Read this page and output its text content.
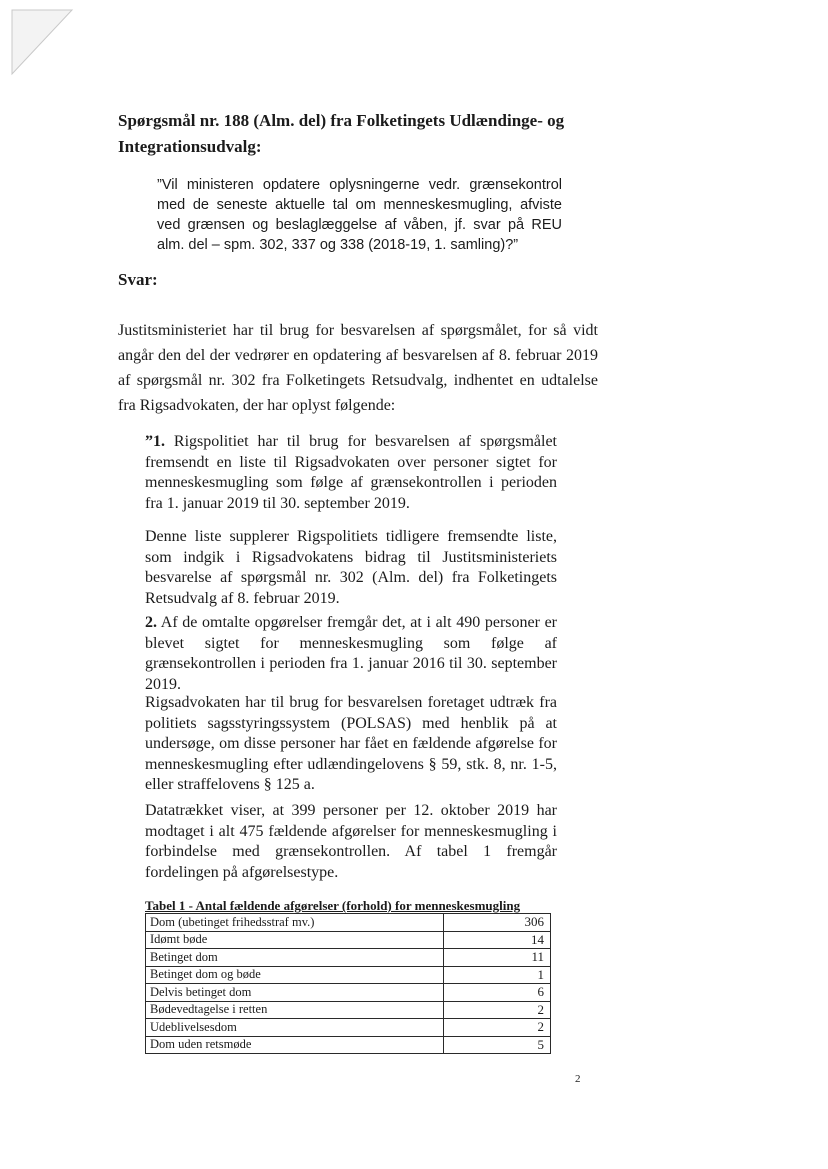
Spørgsmål nr. 188 (Alm. del) fra Folketingets Udlændinge- og Integrationsudvalg:
”Vil ministeren opdatere oplysningerne vedr. grænsekontrol med de seneste aktuelle tal om menneskesmugling, afviste ved grænsen og beslaglæggelse af våben, jf. svar på REU alm. del – spm. 302, 337 og 338 (2018-19, 1. samling)?”
Svar:
Justitsministeriet har til brug for besvarelsen af spørgsmålet, for så vidt angår den del der vedrører en opdatering af besvarelsen af 8. februar 2019 af spørgsmål nr. 302 fra Folketingets Retsudvalg, indhentet en udtalelse fra Rigsadvokaten, der har oplyst følgende:
”1. Rigspolitiet har til brug for besvarelsen af spørgsmålet fremsendt en liste til Rigsadvokaten over personer sigtet for menneskesmugling som følge af grænsekontrollen i perioden fra 1. januar 2019 til 30. september 2019.
Denne liste supplerer Rigspolitiets tidligere fremsendte liste, som indgik i Rigsadvokatens bidrag til Justitsministeriets besvarelse af spørgsmål nr. 302 (Alm. del) fra Folketingets Retsudvalg af 8. februar 2019.
2. Af de omtalte opgørelser fremgår det, at i alt 490 personer er blevet sigtet for menneskesmugling som følge af grænsekontrollen i perioden fra 1. januar 2016 til 30. september 2019.
Rigsadvokaten har til brug for besvarelsen foretaget udtræk fra politiets sagsstyringssystem (POLSAS) med henblik på at undersøge, om disse personer har fået en fældende afgørelse for menneskesmugling efter udlændingelovens § 59, stk. 8, nr. 1-5, eller straffelovens § 125 a.
Datatrækket viser, at 399 personer per 12. oktober 2019 har modtaget i alt 475 fældende afgørelser for menneskesmugling i forbindelse med grænsekontrollen. Af tabel 1 fremgår fordelingen på afgørelsestype.
Tabel 1 - Antal fældende afgørelser (forhold) for menneskesmugling
Dom (ubetinget frihedsstraf mv.)	306
Idømt bøde	14
Betinget dom	11
Betinget dom og bøde	1
Delvis betinget dom	6
Bødevedtagelse i retten	2
Udeblivelsesdom	2
Dom uden retsmøde	5
2
